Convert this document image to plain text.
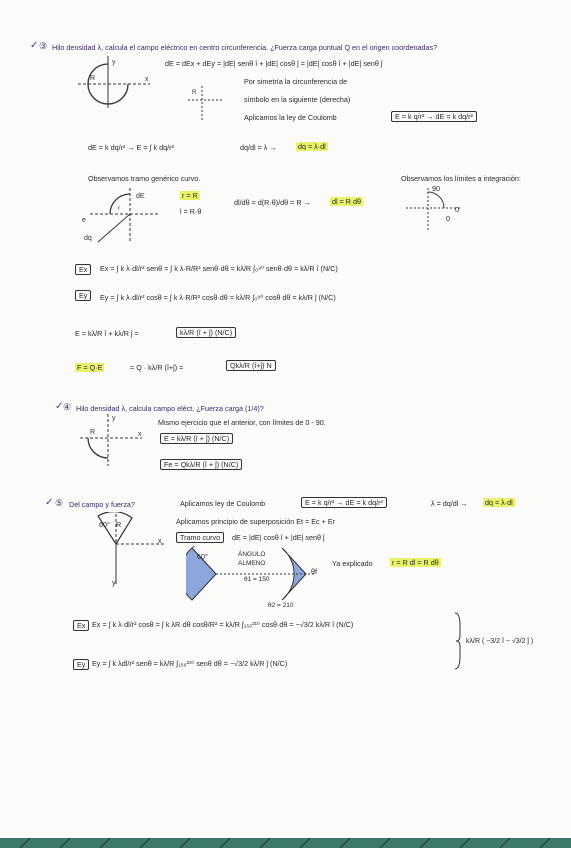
✓ ③ Hilo densidad λ, calcula el campo eléctrico en centro circunferencia. ¿Fuerza carga puntual Q en el origen coordenadas?
y
x
R
dE = dEx + dEy = |dE| senθ î + |dE| cosθ ĵ = |dE| cosθ î + |dE| senθ ĵ
R
Por simetría la circunferencia de
símbolo en la siguiente (derecha)
Aplicamos la ley de Coulomb	E = k q/r² → dE = k dq/r²
dE = k dq/r² → E = ∫ k dq/r²	dq/dl = λ →	dq = λ·dl
Observamos tramo genérico curvo.	Observamos los límites a integración:
dE
e
dq
r
r = R
l = R·θ
dl/dθ = d(R·θ)/dθ = R →	dl = R dθ
90
0
0
Ex	Ex = ∫ k λ·dl/r² senθ = ∫ k λ·R/R² senθ·dθ = kλ/R ∫₀⁹⁰ senθ·dθ = kλ/R î (N/C)
Ey	Ey = ∫ k λ·dl/r² cosθ = ∫ k λ·R/R² cosθ·dθ = kλ/R ∫₀⁹⁰ cosθ dθ = kλ/R ĵ (N/C)
E = kλ/R î + kλ/R ĵ =	kλ/R (î + ĵ) (N/C)
F = Q·E	= Q · kλ/R (î+ĵ) =	Qkλ/R (î+ĵ) N
✓ ④ Hilo densidad λ, calcula campo eléct. ¿Fuerza carga (1/4)?
Mismo ejercicio que el anterior, con límites de 0 - 90.
y
x
R
E = kλ/R (î + ĵ) (N/C)
Fe = Qkλ/R (î + ĵ) (N/C)
✓ ⑤ Del campo y fuerza?	Aplicamos ley de Coulomb	E = k q/r² → dE = k dq/r²	λ = dq/dl → dq = λ·dl
Aplicamos principio de superposición Et = Ec + Er
Tramo curvo	dE = |dE| cosθ î + |dE| senθ ĵ
60° R
y
x
60°	ÁNGULO
ALMENO
θ1 = 150
θ2 = 210
θf
Ya explicado	r = R dl = R dθ
Ex Ex = ∫ k λ·dl/r² cosθ = ∫ k λR·dθ cosθ/R² = kλ/R ∫₁₅₀²¹⁰ cosθ·dθ = −√3/2 kλ/R î (N/C)
Ey Ey = ∫ k λdl/r² senθ = kλ/R ∫₁₅₀²¹⁰ senθ dθ = −√3/2 kλ/R ĵ (N/C)
kλ/R ( −3/2 î − √3/2 ĵ )
